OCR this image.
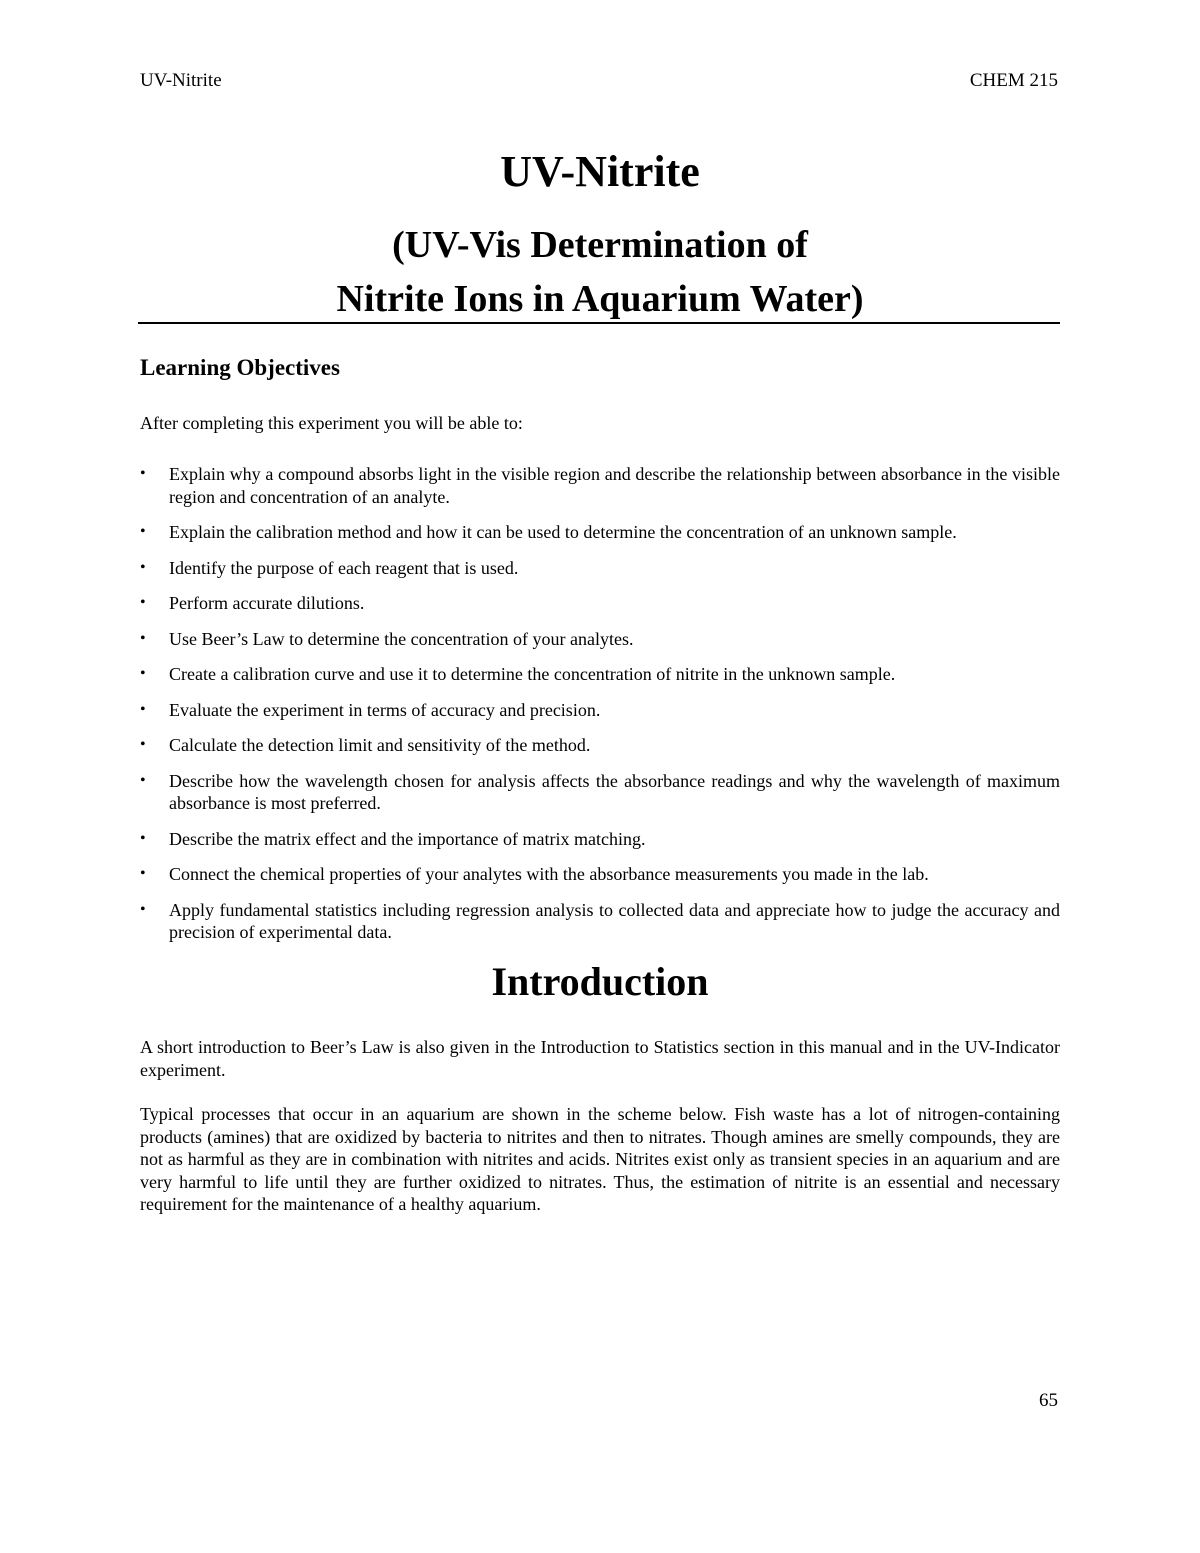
UV-Nitrite	CHEM 215
UV-Nitrite
(UV-Vis Determination of
Nitrite Ions in Aquarium Water)
Learning Objectives
After completing this experiment you will be able to:
• Explain why a compound absorbs light in the visible region and describe the relationship between absorbance in the visible region and concentration of an analyte.
• Explain the calibration method and how it can be used to determine the concentration of an unknown sample.
• Identify the purpose of each reagent that is used.
• Perform accurate dilutions.
• Use Beer’s Law to determine the concentration of your analytes.
• Create a calibration curve and use it to determine the concentration of nitrite in the unknown sample.
• Evaluate the experiment in terms of accuracy and precision.
• Calculate the detection limit and sensitivity of the method.
• Describe how the wavelength chosen for analysis affects the absorbance readings and why the wavelength of maximum absorbance is most preferred.
• Describe the matrix effect and the importance of matrix matching.
• Connect the chemical properties of your analytes with the absorbance measurements you made in the lab.
• Apply fundamental statistics including regression analysis to collected data and appreciate how to judge the accuracy and precision of experimental data.
Introduction

A short introduction to Beer’s Law is also given in the Introduction to Statistics section in this manual and in the UV-Indicator experiment.

Typical processes that occur in an aquarium are shown in the scheme below. Fish waste has a lot of nitrogen-containing products (amines) that are oxidized by bacteria to nitrites and then to nitrates. Though amines are smelly compounds, they are not as harmful as they are in combination with nitrites and acids. Nitrites exist only as transient species in an aquarium and are very harmful to life until they are further oxidized to nitrates. Thus, the estimation of nitrite is an essential and necessary requirement for the maintenance of a healthy aquarium.

65
